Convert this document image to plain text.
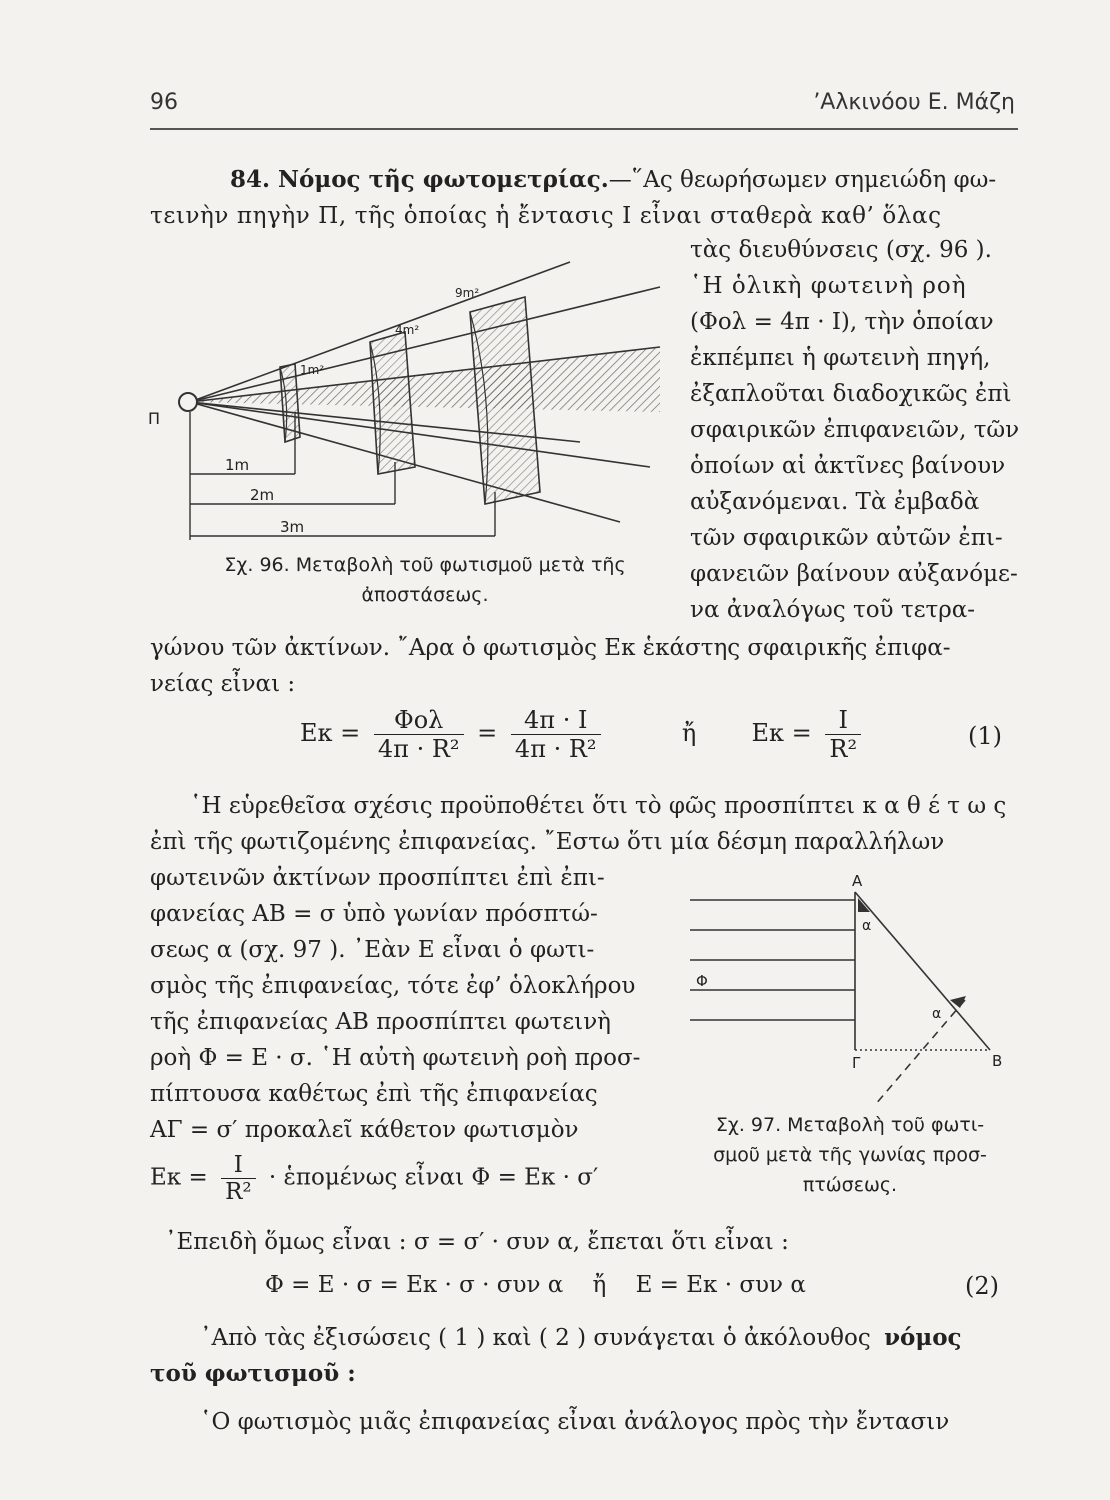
96	’Αλκινόου Ε. Μάζη
84. Νόμος τῆς φωτομετρίας.—῞Ας θεωρήσωμεν σημειώδη φω-
τεινὴν πηγὴν Π, τῆς ὁποίας ἡ ἔντασις Ι εἶναι σταθερὰ καθ’ ὅλας
τὰς διευθύνσεις (σχ. 96 ).
῾Η ὁλικὴ φωτεινὴ ροὴ
(Φολ = 4π · Ι), τὴν ὁποίαν
ἐκπέμπει ἡ φωτεινὴ πηγή,
ἐξαπλοῦται διαδοχικῶς ἐπὶ
σφαιρικῶν ἐπιφανειῶν, τῶν
ὁποίων αἱ ἀκτῖνες βαίνουν
αὐξανόμεναι. Τὰ ἐμβαδὰ
τῶν σφαιρικῶν αὐτῶν ἐπι-
φανειῶν βαίνουν αὐξανόμε-
να ἀναλόγως τοῦ τετρα-
γώνου τῶν ἀκτίνων. ῎Αρα ὁ φωτισμὸς Εκ ἑκάστης σφαιρικῆς ἐπιφα-
νείας εἶναι :
Π
1m²
4m²
9m²
1m
2m
3m
Σχ. 96. Μεταβολὴ τοῦ φωτισμοῦ μετὰ τῆς
ἀποστάσεως.
$E\kappa = \frac{\text{Φολ}}{\text{4π · R²}} = \frac{4\pi \cdot I}{\text{4π · R²}}$	ἤ $E\kappa = \frac{I}{\text{R²}}$	(1)
῾Η εὑρεθεῖσα σχέσις προϋποθέτει ὅτι τὸ φῶς προσπίπτει κ α θ έ τ ω ς
ἐπὶ τῆς φωτιζομένης ἐπιφανείας. ῎Εστω ὅτι μία δέσμη παραλλήλων
φωτεινῶν ἀκτίνων προσπίπτει ἐπὶ ἐπι-
φανείας ΑΒ = σ ὑπὸ γωνίαν πρόσπτώ-
σεως α (σχ. 97 ). ᾿Εὰν Ε εἶναι ὁ φωτι-
σμὸς τῆς ἐπιφανείας, τότε ἐφ’ ὁλοκλήρου
τῆς ἐπιφανείας ΑΒ προσπίπτει φωτεινὴ
ροὴ Φ = Ε · σ. ῾Η αὐτὴ φωτεινὴ ροὴ προσ-
πίπτουσα καθέτως ἐπὶ τῆς ἐπιφανείας
ΑΓ = σ′ προκαλεῖ κάθετον φωτισμὸν
$E\kappa = \frac{I}{\text{R²}}$ · ἑπομένως εἶναι Φ = Εκ · σ′
Α
Β
Γ
Φ
α
α
Σχ. 97. Μεταβολὴ τοῦ φωτι-
σμοῦ μετὰ τῆς γωνίας προσ-
πτώσεως.
᾿Επειδὴ ὅμως εἶναι : σ = σ′ · συν α, ἔπεται ὅτι εἶναι :
Φ = Ε · σ = Εκ · σ · συν α    ἤ    Ε = Εκ · συν α	(2)
᾿Απὸ τὰς ἐξισώσεις ( 1 ) καὶ ( 2 ) συνάγεται ὁ ἀκόλουθος νόμος
τοῦ φωτισμοῦ :
῾Ο φωτισμὸς μιᾶς ἐπιφανείας εἶναι ἀνάλογος πρὸς τὴν ἔντασιν
